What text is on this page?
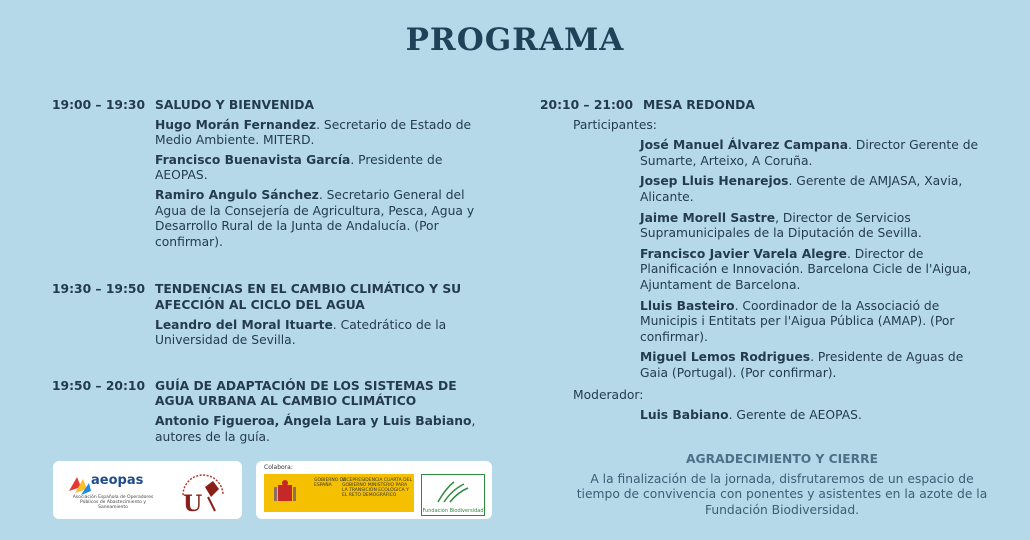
PROGRAMA
19:00 – 19:30 SALUDO Y BIENVENIDA
Hugo Morán Fernandez. Secretario de Estado de Medio Ambiente. MITERD.
Francisco Buenavista García. Presidente de AEOPAS.
Ramiro Angulo Sánchez. Secretario General del Agua de la Consejería de Agricultura, Pesca, Agua y Desarrollo Rural de la Junta de Andalucía. (Por confirmar).
19:30 – 19:50 TENDENCIAS EN EL CAMBIO CLIMÁTICO Y SU AFECCIÓN AL CICLO DEL AGUA
Leandro del Moral Ituarte. Catedrático de la Universidad de Sevilla.
19:50 – 20:10 GUÍA DE ADAPTACIÓN DE LOS SISTEMAS DE AGUA URBANA AL CAMBIO CLIMÁTICO
Antonio Figueroa, Ángela Lara y Luis Babiano, autores de la guía.
20:10 – 21:00 MESA REDONDA
Participantes:
José Manuel Álvarez Campana. Director Gerente de Sumarte, Arteixo, A Coruña.
Josep Lluis Henarejos. Gerente de AMJASA, Xavia, Alicante.
Jaime Morell Sastre, Director de Servicios Supramunicipales de la Diputación de Sevilla.
Francisco Javier Varela Alegre. Director de Planificación e Innovación. Barcelona Cicle de l'Aigua, Ajuntament de Barcelona.
Lluis Basteiro. Coordinador de la Associació de Municipis i Entitats per l'Aigua Pública (AMAP). (Por confirmar).
Miguel Lemos Rodrigues. Presidente de Aguas de Gaia (Portugal). (Por confirmar).
Moderador:
Luis Babiano. Gerente de AEOPAS.
AGRADECIMIENTO Y CIERRE
A la finalización de la jornada, disfrutaremos de un espacio de tiempo de convivencia con ponentes y asistentes en la azote de la Fundación Biodiversidad.
aeopas
Asociación Española de Operadores Públicos de Abastecimiento y Saneamiento	U
Colabora:
GOBIERNO DE ESPAÑA
VICEPRESIDENCIA CUARTA DEL GOBIERNO MINISTERIO PARA LA TRANSICIÓN ECOLÓGICA Y EL RETO DEMOGRÁFICO
Fundación Biodiversidad
